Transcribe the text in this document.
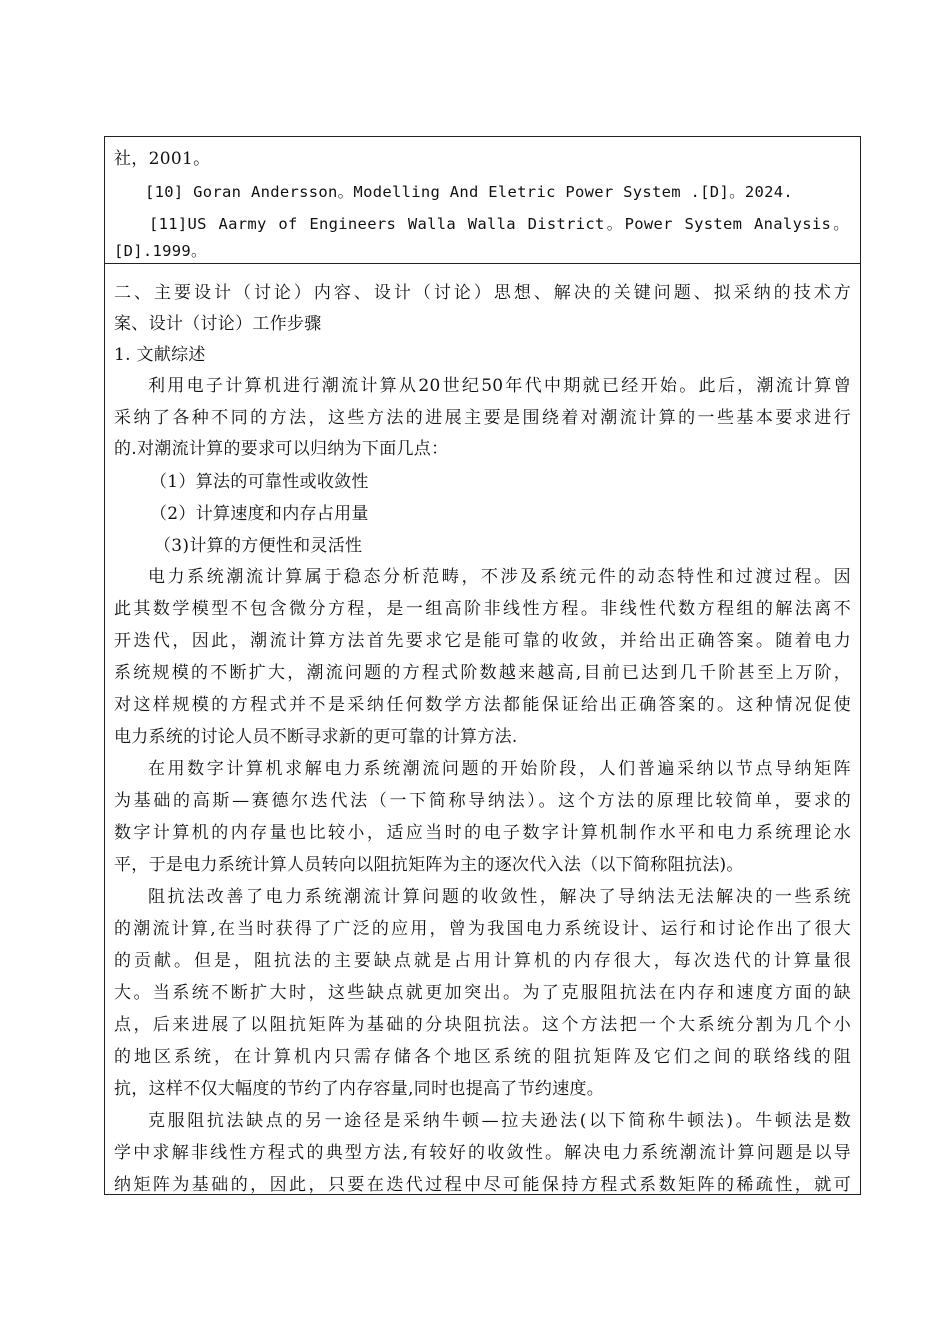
社，2001。
[10] Goran Andersson。Modelling And Eletric Power System .[D]。2024.
[11]US Aarmy of Engineers Walla Walla District。Power System Analysis。
[D].1999。
二、主要设计（讨论）内容、设计（讨论）思想、解决的关键问题、拟采纳的技术方
案、设计（讨论）工作步骤
1. 文献综述
利用电子计算机进行潮流计算从20世纪50年代中期就已经开始。此后，潮流计算曾
采纳了各种不同的方法，这些方法的进展主要是围绕着对潮流计算的一些基本要求进行
的.对潮流计算的要求可以归纳为下面几点：
（1）算法的可靠性或收敛性
（2）计算速度和内存占用量
（3)计算的方便性和灵活性
电力系统潮流计算属于稳态分析范畴，不涉及系统元件的动态特性和过渡过程。因
此其数学模型不包含微分方程，是一组高阶非线性方程。非线性代数方程组的解法离不
开迭代，因此，潮流计算方法首先要求它是能可靠的收敛，并给出正确答案。随着电力
系统规模的不断扩大，潮流问题的方程式阶数越来越高,目前已达到几千阶甚至上万阶，
对这样规模的方程式并不是采纳任何数学方法都能保证给出正确答案的。这种情况促使
电力系统的讨论人员不断寻求新的更可靠的计算方法.
在用数字计算机求解电力系统潮流问题的开始阶段，人们普遍采纳以节点导纳矩阵
为基础的高斯—赛德尔迭代法（一下简称导纳法）。这个方法的原理比较简单，要求的
数字计算机的内存量也比较小，适应当时的电子数字计算机制作水平和电力系统理论水
平，于是电力系统计算人员转向以阻抗矩阵为主的逐次代入法（以下简称阻抗法)。
阻抗法改善了电力系统潮流计算问题的收敛性，解决了导纳法无法解决的一些系统
的潮流计算,在当时获得了广泛的应用，曾为我国电力系统设计、运行和讨论作出了很大
的贡献。但是，阻抗法的主要缺点就是占用计算机的内存很大，每次迭代的计算量很
大。当系统不断扩大时，这些缺点就更加突出。为了克服阻抗法在内存和速度方面的缺
点，后来进展了以阻抗矩阵为基础的分块阻抗法。这个方法把一个大系统分割为几个小
的地区系统，在计算机内只需存储各个地区系统的阻抗矩阵及它们之间的联络线的阻
抗，这样不仅大幅度的节约了内存容量,同时也提高了节约速度。
克服阻抗法缺点的另一途径是采纳牛顿—拉夫逊法(以下简称牛顿法)。牛顿法是数
学中求解非线性方程式的典型方法,有较好的收敛性。解决电力系统潮流计算问题是以导
纳矩阵为基础的，因此，只要在迭代过程中尽可能保持方程式系数矩阵的稀疏性，就可
